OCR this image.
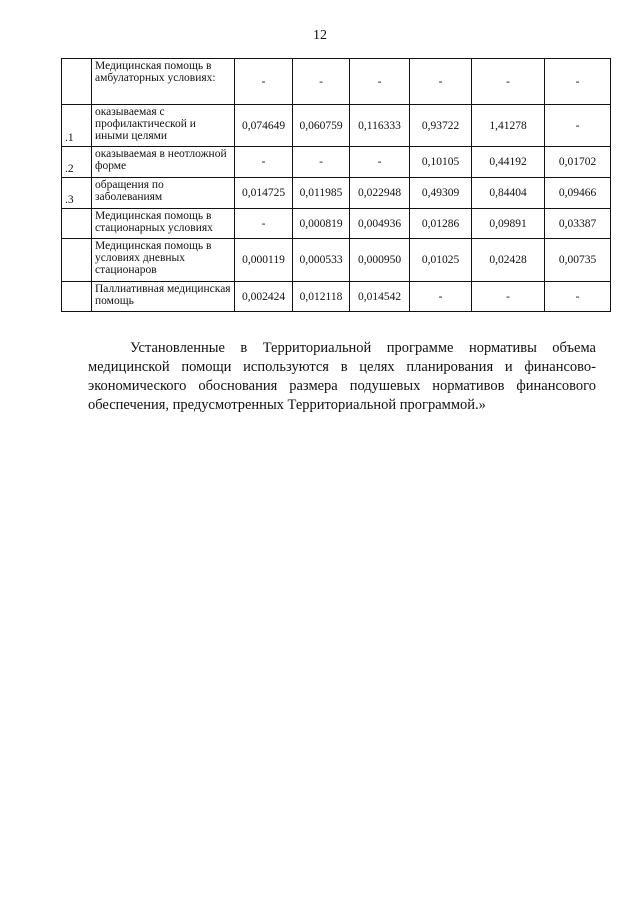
12
	Медицинская помощь в амбулаторных условиях:	-	-	-	-	-	-
.1	оказываемая с профилактической и иными целями	0,074649	0,060759	0,116333	0,93722	1,41278	-
.2	оказываемая в неотложной форме	-	-	-	0,10105	0,44192	0,01702
.3	обращения по заболеваниям	0,014725	0,011985	0,022948	0,49309	0,84404	0,09466
	Медицинская помощь в стационарных условиях	-	0,000819	0,004936	0,01286	0,09891	0,03387
	Медицинская помощь в условиях дневных стационаров	0,000119	0,000533	0,000950	0,01025	0,02428	0,00735
	Паллиативная медицинская помощь	0,002424	0,012118	0,014542	-	-	-

Установленные в Территориальной программе нормативы объема медицинской помощи используются в целях планирования и финансово-экономического обоснования размера подушевых нормативов финансового обеспечения, предусмотренных Территориальной программой.»
